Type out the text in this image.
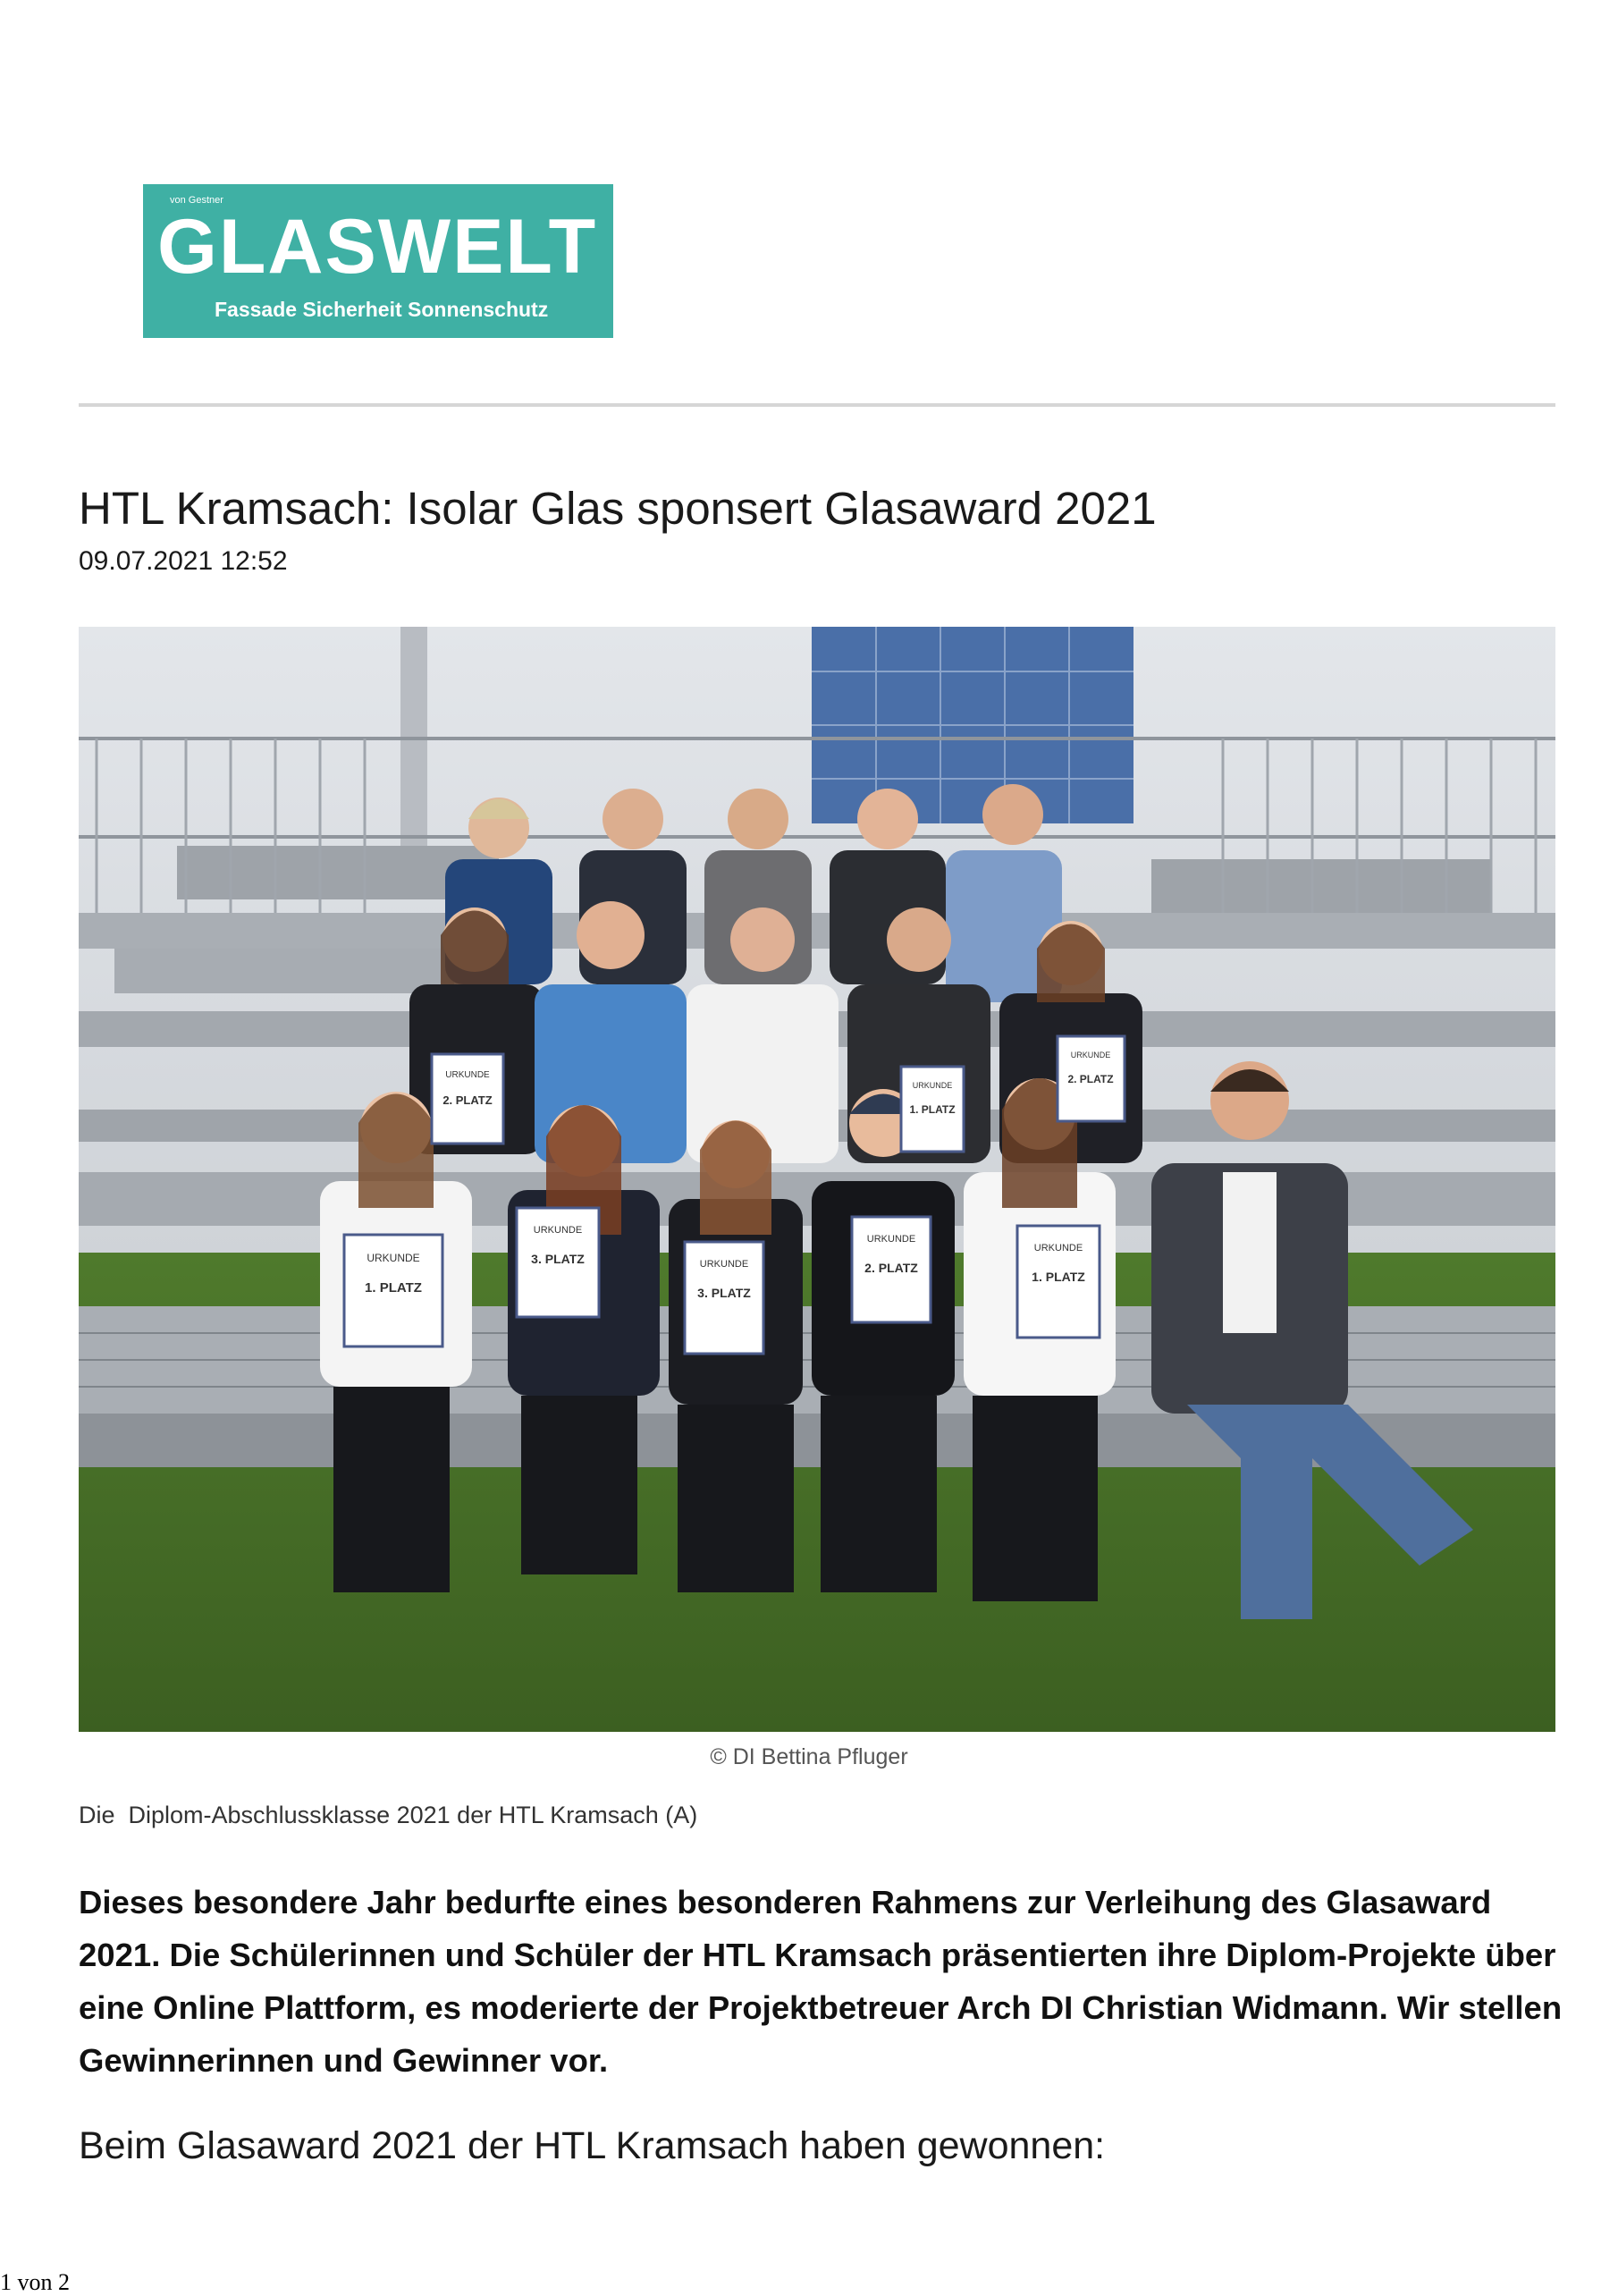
von Gestner
GLASWELT
Fassade Sicherheit Sonnenschutz
HTL Kramsach: Isolar Glas sponsert Glasaward 2021
09.07.2021 12:52
URKUNDE
2. PLATZ
URKUNDE
1. PLATZ
URKUNDE
2. PLATZ
URKUNDE
1. PLATZ
URKUNDE
3. PLATZ	URKUNDE
3. PLATZ
URKUNDE
2. PLATZ
URKUNDE
1. PLATZ
© DI Bettina Pfluger
Die  Diplom-Abschlussklasse 2021 der HTL Kramsach (A)

Dieses besondere Jahr bedurfte eines besonderen Rahmens zur Verleihung des Glasaward 2021. Die Schülerinnen und Schüler der HTL Kramsach präsentierten ihre Diplom-Projekte über eine Online Plattform, es moderierte der Projektbetreuer Arch DI Christian Widmann. Wir stellen Gewinnerinnen und Gewinner vor.

Beim Glasaward 2021 der HTL Kramsach haben gewonnen:
1 von 2
